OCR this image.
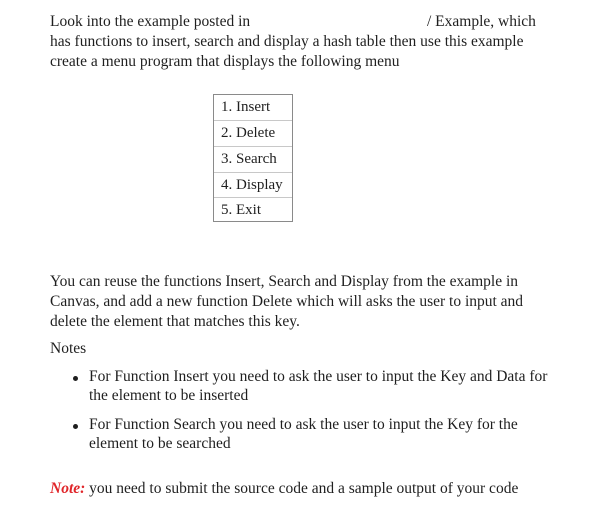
Look into the example posted in	/ Example, which
has functions to insert, search and display a hash table then use this example
create a menu program that displays the following menu
1. Insert
2. Delete
3. Search
4. Display
5. Exit
You can reuse the functions Insert, Search and Display from the example in
Canvas, and add a new function Delete which will asks the user to input and
delete the element that matches this key.
Notes
For Function Insert you need to ask the user to input the Key and Data for
the element to be inserted
For Function Search you need to ask the user to input the Key for the
element to be searched
Note: you need to submit the source code and a sample output of your code
